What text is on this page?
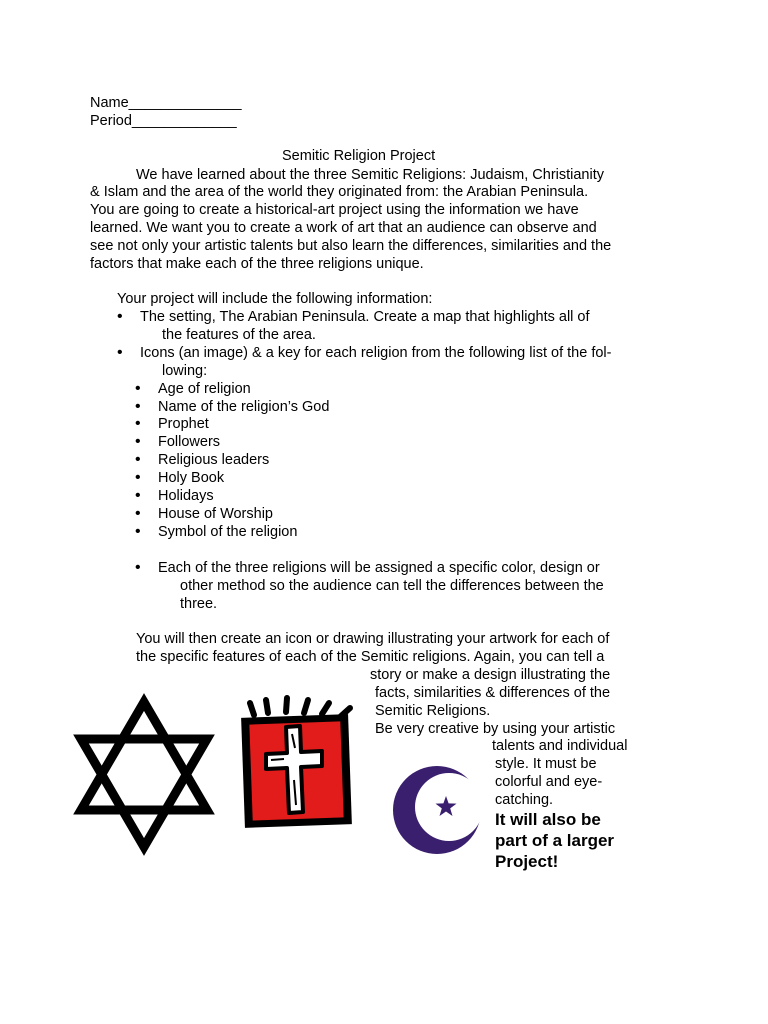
Name______________
Period_____________
Semitic Religion Project
We have learned about the three Semitic Religions: Judaism, Christianity
& Islam and the area of the world they originated from: the Arabian Peninsula.
You are going to create a historical-art project using the information we have
learned. We want you to create a work of art that an audience can observe and
see not only your artistic talents but also learn the differences, similarities and the
factors that make each of the three religions unique.
Your project will include the following information:
• The setting, The Arabian Peninsula. Create a map that highlights all of
the features of the area.
• Icons (an image) & a key for each religion from the following list of the fol-
lowing:
• Age of religion
• Name of the religion’s God
• Prophet
• Followers
• Religious leaders
• Holy Book
• Holidays
• House of Worship
• Symbol of the religion
• Each of the three religions will be assigned a specific color, design or
other method so the audience can tell the differences between the
three.
You will then create an icon or drawing illustrating your artwork for each of
the specific features of each of the Semitic religions. Again, you can tell a
story or make a design illustrating the
facts, similarities & differences of the
Semitic Religions.
Be very creative by using your artistic
talents and individual
style. It must be
colorful and eye-
catching.
It will also be
part of a larger
Project!
